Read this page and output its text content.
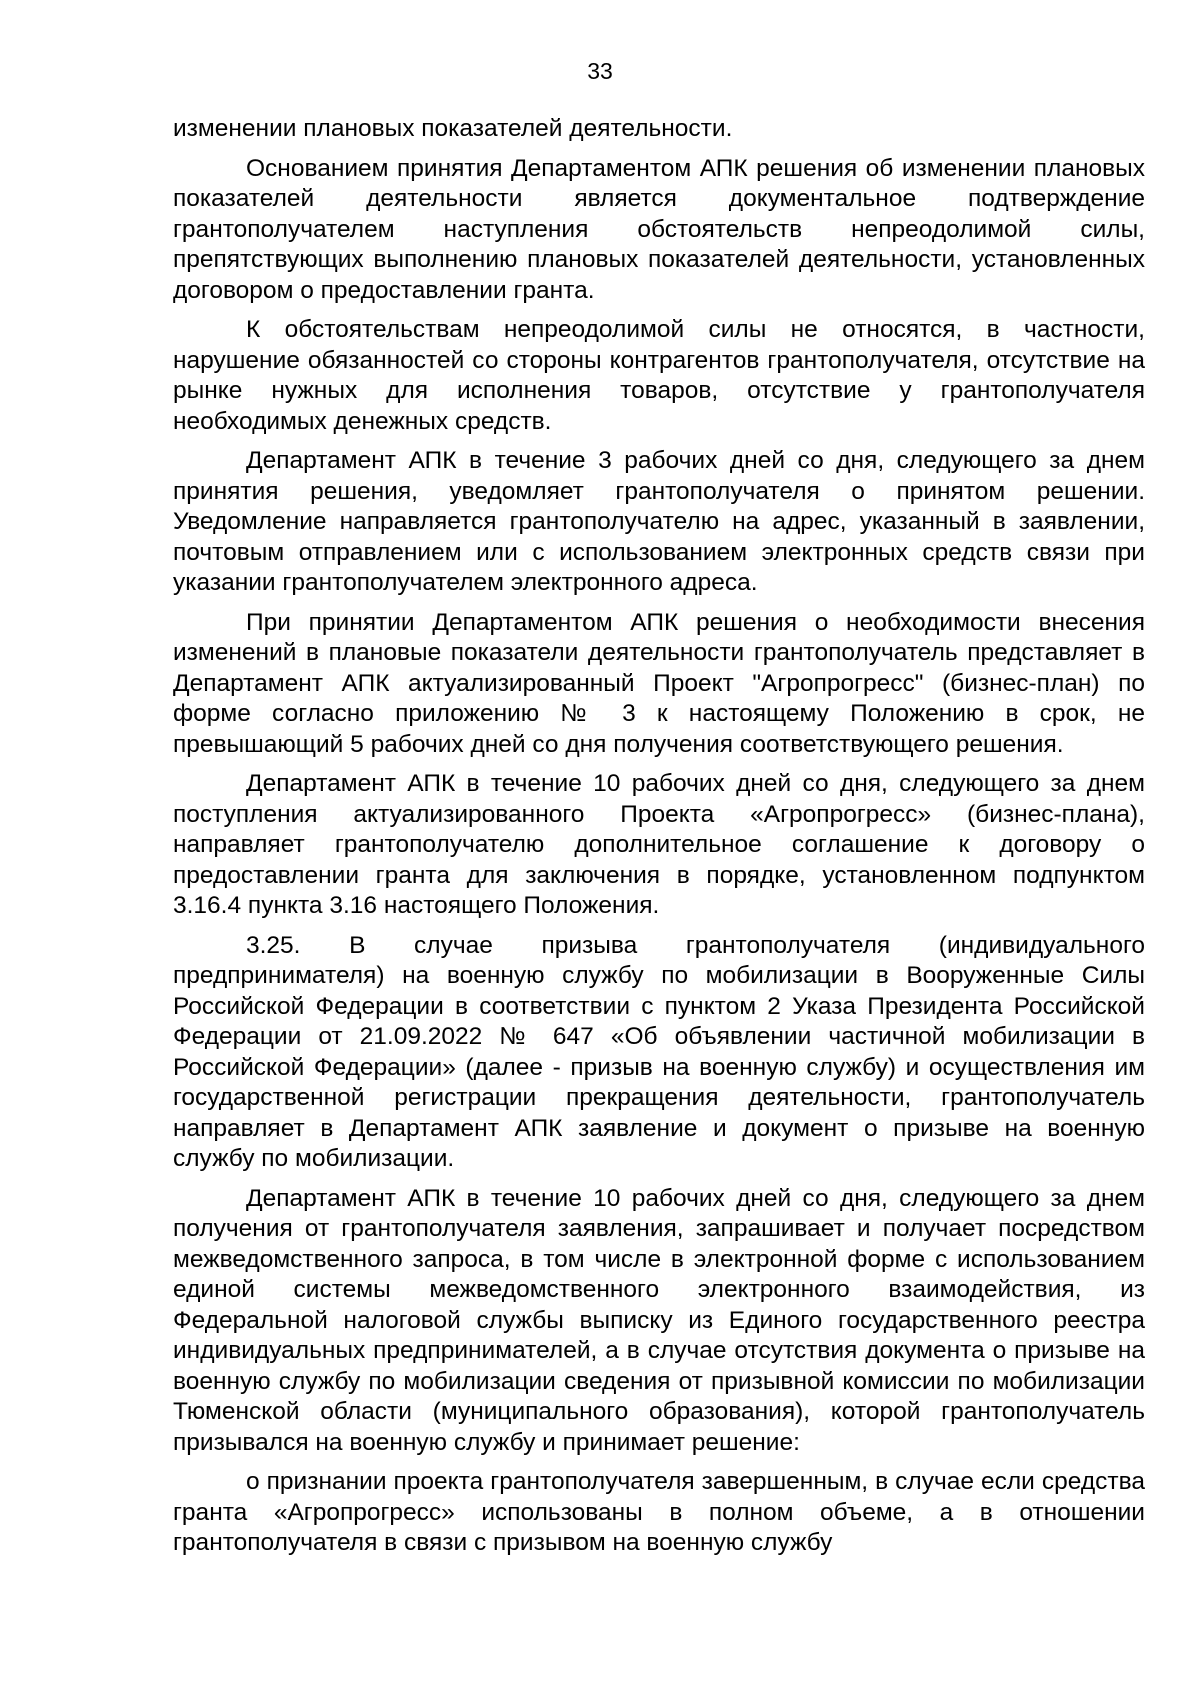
33

изменении плановых показателей деятельности.

Основанием принятия Департаментом АПК решения об изменении плановых показателей деятельности является документальное подтверждение грантополучателем наступления обстоятельств непреодолимой силы, препятствующих выполнению плановых показателей деятельности, установленных договором о предоставлении гранта.

К обстоятельствам непреодолимой силы не относятся, в частности, нарушение обязанностей со стороны контрагентов грантополучателя, отсутствие на рынке нужных для исполнения товаров, отсутствие у грантополучателя необходимых денежных средств.

Департамент АПК в течение 3 рабочих дней со дня, следующего за днем принятия решения, уведомляет грантополучателя о принятом решении. Уведомление направляется грантополучателю на адрес, указанный в заявлении, почтовым отправлением или с использованием электронных средств связи при указании грантополучателем электронного адреса.

При принятии Департаментом АПК решения о необходимости внесения изменений в плановые показатели деятельности грантополучатель представляет в Департамент АПК актуализированный Проект "Агропрогресс" (бизнес-план) по форме согласно приложению № 3 к настоящему Положению в срок, не превышающий 5 рабочих дней со дня получения соответствующего решения.

Департамент АПК в течение 10 рабочих дней со дня, следующего за днем поступления актуализированного Проекта «Агропрогресс» (бизнес-плана), направляет грантополучателю дополнительное соглашение к договору о предоставлении гранта для заключения в порядке, установленном подпунктом 3.16.4 пункта 3.16 настоящего Положения.

3.25. В случае призыва грантополучателя (индивидуального предпринимателя) на военную службу по мобилизации в Вооруженные Силы Российской Федерации в соответствии с пунктом 2 Указа Президента Российской Федерации от 21.09.2022 № 647 «Об объявлении частичной мобилизации в Российской Федерации» (далее - призыв на военную службу) и осуществления им государственной регистрации прекращения деятельности, грантополучатель направляет в Департамент АПК заявление и документ о призыве на военную службу по мобилизации.

Департамент АПК в течение 10 рабочих дней со дня, следующего за днем получения от грантополучателя заявления, запрашивает и получает посредством межведомственного запроса, в том числе в электронной форме с использованием единой системы межведомственного электронного взаимодействия, из Федеральной налоговой службы выписку из Единого государственного реестра индивидуальных предпринимателей, а в случае отсутствия документа о призыве на военную службу по мобилизации сведения от призывной комиссии по мобилизации Тюменской области (муниципального образования), которой грантополучатель призывался на военную службу и принимает решение:

о признании проекта грантополучателя завершенным, в случае если средства гранта «Агропрогресс» использованы в полном объеме, а в отношении грантополучателя в связи с призывом на военную службу
